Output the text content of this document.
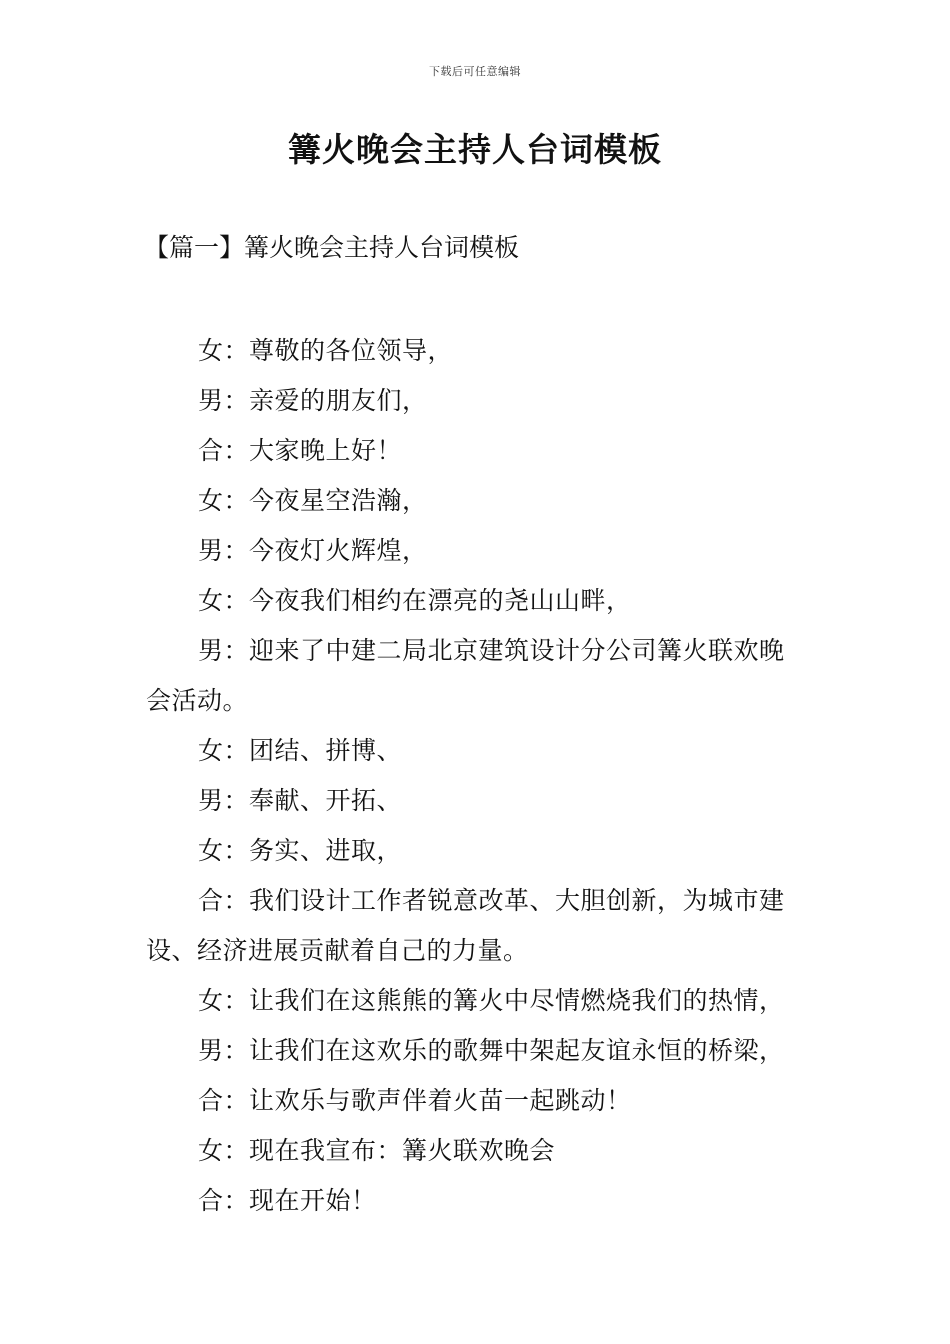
下载后可任意编辑
篝火晚会主持人台词模板
【篇一】篝火晚会主持人台词模板

女：尊敬的各位领导，

男：亲爱的朋友们，

合：大家晚上好！

女：今夜星空浩瀚，

男：今夜灯火辉煌，

女：今夜我们相约在漂亮的尧山山畔，

男：迎来了中建二局北京建筑设计分公司篝火联欢晚会活动。

女：团结、拼博、

男：奉献、开拓、

女：务实、进取，

合：我们设计工作者锐意改革、大胆创新，为城市建设、经济进展贡献着自己的力量。

女：让我们在这熊熊的篝火中尽情燃烧我们的热情，

男：让我们在这欢乐的歌舞中架起友谊永恒的桥梁，

合：让欢乐与歌声伴着火苗一起跳动！

女：现在我宣布：篝火联欢晚会

合：现在开始！
